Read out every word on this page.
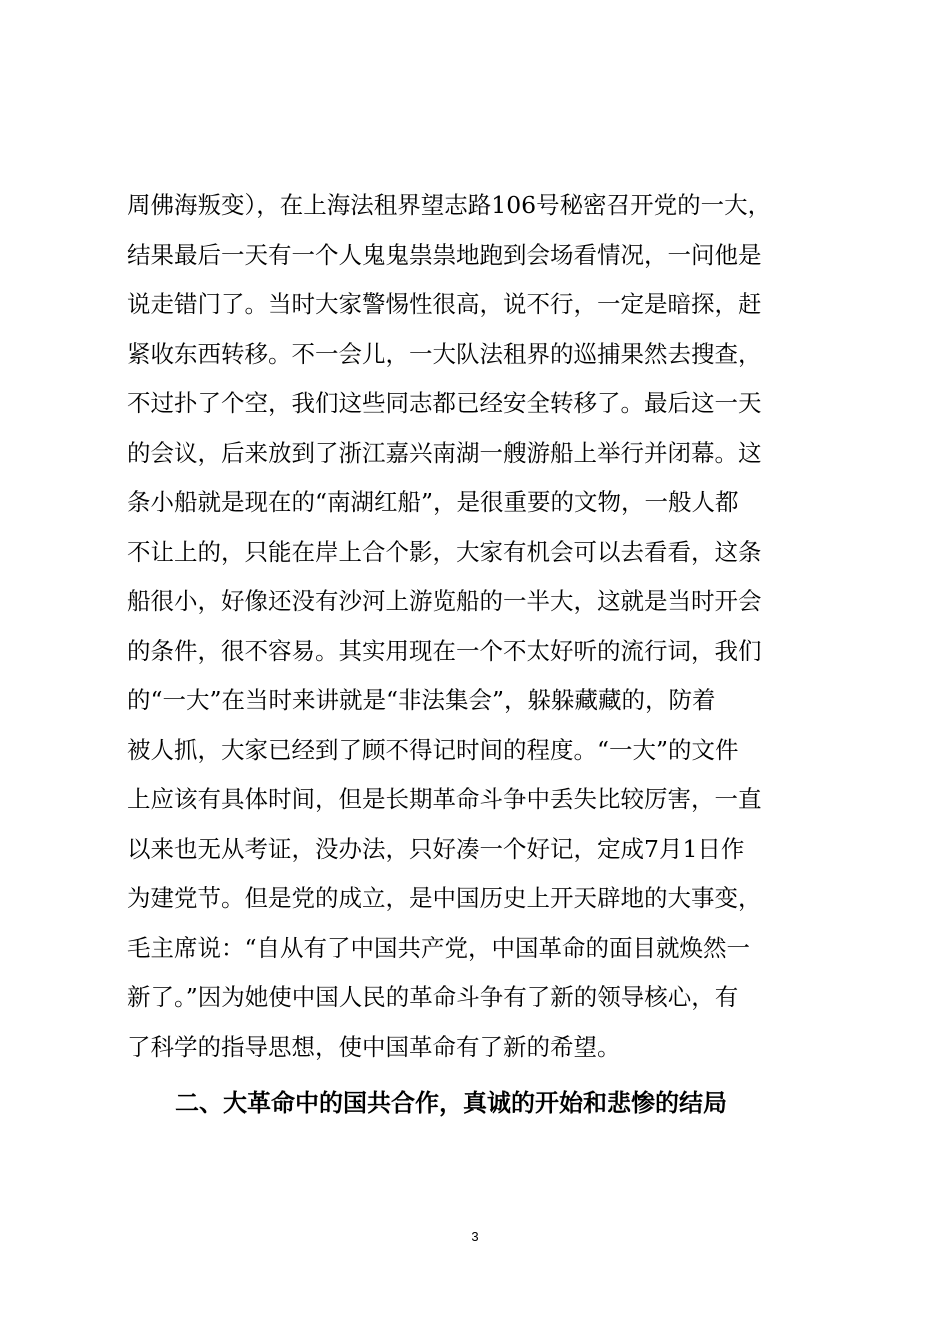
周佛海叛变），在上海法租界望志路106号秘密召开党的一大，
结果最后一天有一个人鬼鬼祟祟地跑到会场看情况，一问他是
说走错门了。当时大家警惕性很高，说不行，一定是暗探，赶
紧收东西转移。不一会儿，一大队法租界的巡捕果然去搜查，
不过扑了个空，我们这些同志都已经安全转移了。最后这一天
的会议，后来放到了浙江嘉兴南湖一艘游船上举行并闭幕。这
条小船就是现在的“南湖红船”，是很重要的文物，一般人都
不让上的，只能在岸上合个影，大家有机会可以去看看，这条
船很小，好像还没有沙河上游览船的一半大，这就是当时开会
的条件，很不容易。其实用现在一个不太好听的流行词，我们
的“一大”在当时来讲就是“非法集会”，躲躲藏藏的，防着
被人抓，大家已经到了顾不得记时间的程度。“一大”的文件
上应该有具体时间，但是长期革命斗争中丢失比较厉害，一直
以来也无从考证，没办法，只好凑一个好记，定成7月1日作
为建党节。但是党的成立，是中国历史上开天辟地的大事变，
毛主席说：“自从有了中国共产党，中国革命的面目就焕然一
新了。”因为她使中国人民的革命斗争有了新的领导核心，有
了科学的指导思想，使中国革命有了新的希望。
二、大革命中的国共合作，真诚的开始和悲惨的结局
3
